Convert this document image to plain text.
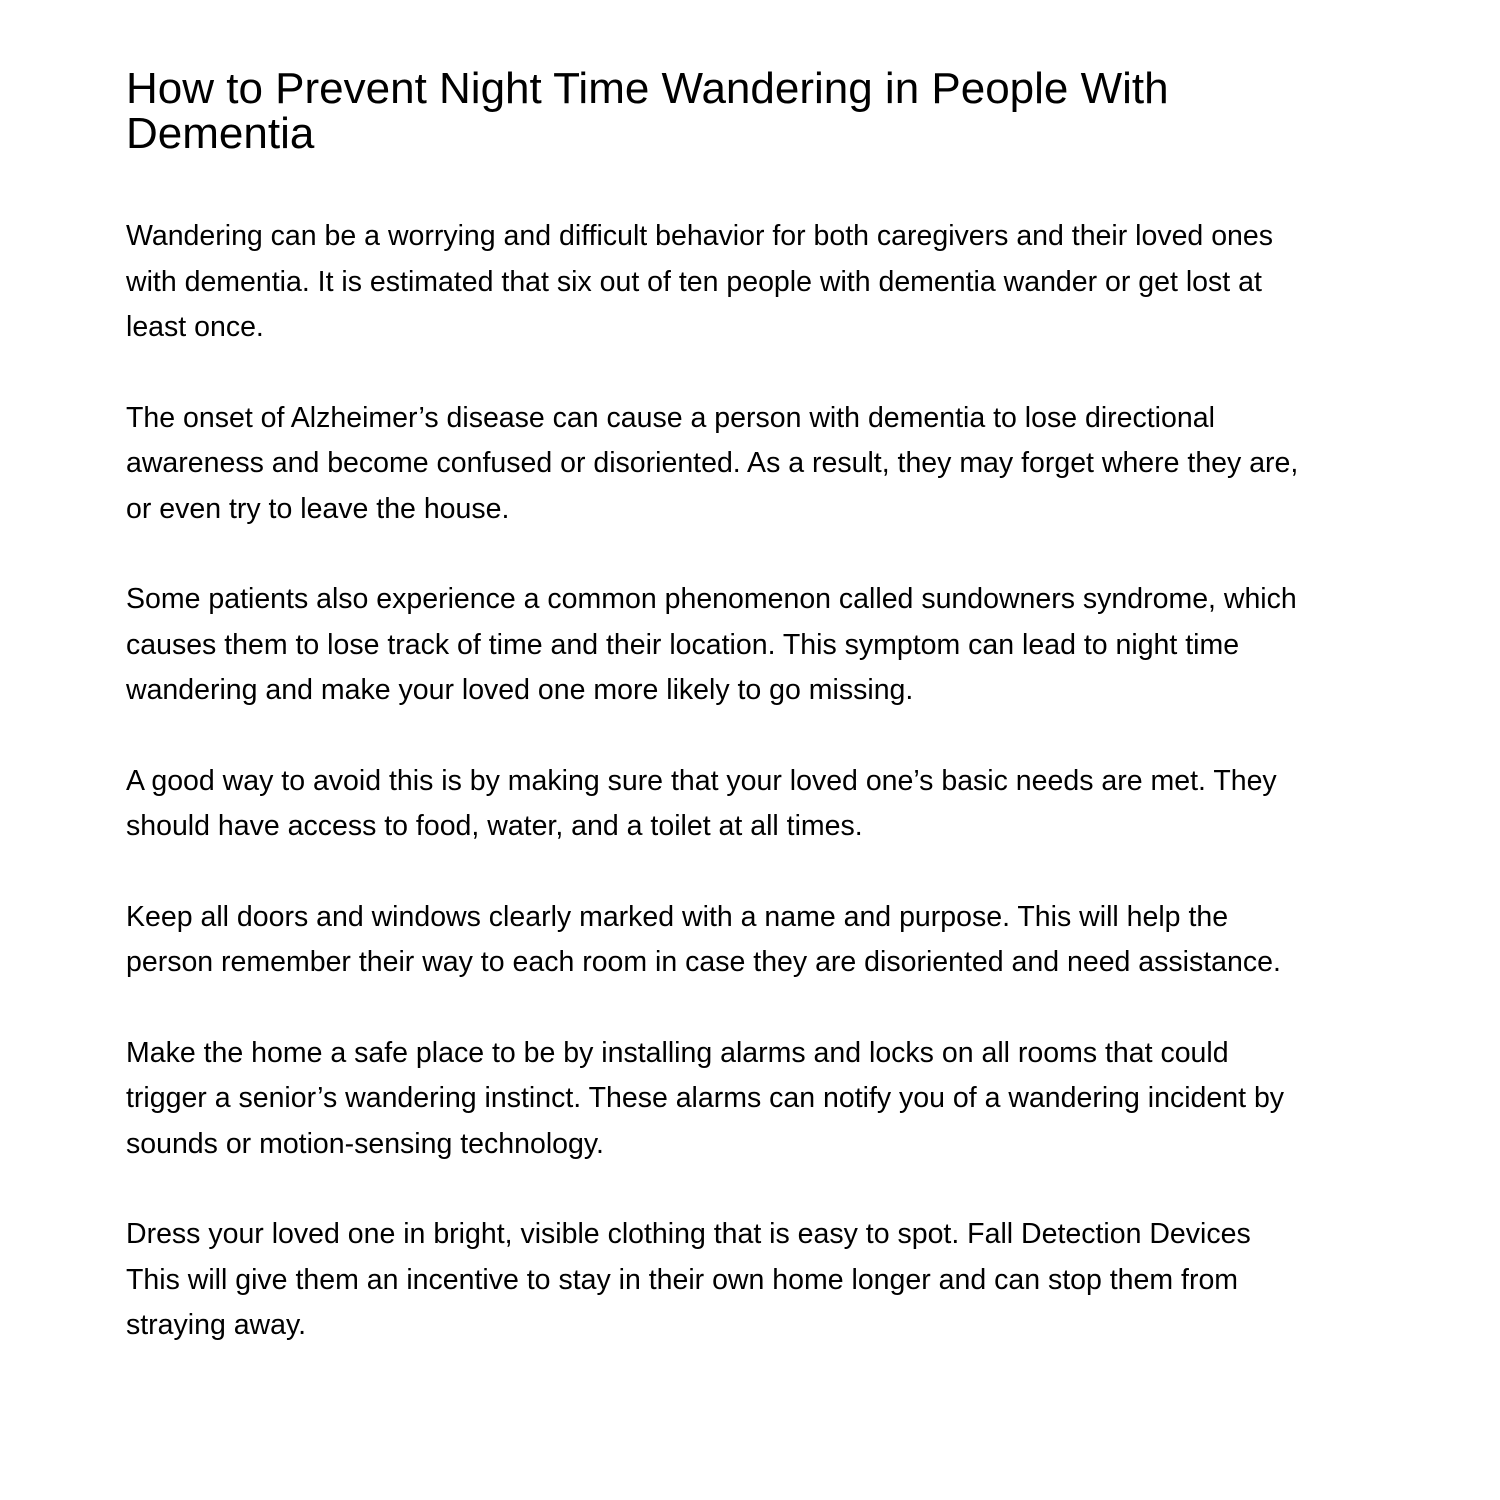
How to Prevent Night Time Wandering in People With
Dementia

Wandering can be a worrying and difficult behavior for both caregivers and their loved ones
with dementia. It is estimated that six out of ten people with dementia wander or get lost at
least once.

The onset of Alzheimer’s disease can cause a person with dementia to lose directional
awareness and become confused or disoriented. As a result, they may forget where they are,
or even try to leave the house.

Some patients also experience a common phenomenon called sundowners syndrome, which
causes them to lose track of time and their location. This symptom can lead to night time
wandering and make your loved one more likely to go missing.

A good way to avoid this is by making sure that your loved one’s basic needs are met. They
should have access to food, water, and a toilet at all times.

Keep all doors and windows clearly marked with a name and purpose. This will help the
person remember their way to each room in case they are disoriented and need assistance.

Make the home a safe place to be by installing alarms and locks on all rooms that could
trigger a senior’s wandering instinct. These alarms can notify you of a wandering incident by
sounds or motion-sensing technology.

Dress your loved one in bright, visible clothing that is easy to spot. Fall Detection Devices
This will give them an incentive to stay in their own home longer and can stop them from
straying away.
